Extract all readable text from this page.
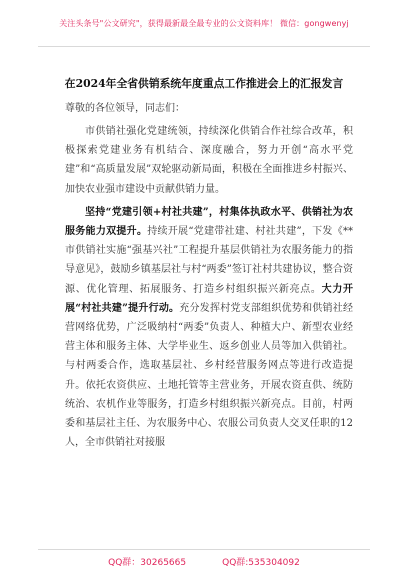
关注头条号"公文研究"，获得最新最全最专业的公文资料库！ 微信：gongwenyj
在2024年全省供销系统年度重点工作推进会上的汇报发言
尊敬的各位领导，同志们：

市供销社强化党建统领，持续深化供销合作社综合改革，积极探索党建业务有机结合、深度融合，努力开创“高水平党建”和“高质量发展”双轮驱动新局面，积极在全面推进乡村振兴、加快农业强市建设中贡献供销力量。

坚持“党建引领+村社共建”，村集体执政水平、供销社为农服务能力双提升。持续开展“党建带社建、村社共建”，下发《**市供销社实施“强基兴社”工程提升基层供销社为农服务能力的指导意见》，鼓励乡镇基层社与村“两委”签订社村共建协议，整合资源、优化管理、拓展服务、打造乡村组织振兴新亮点。大力开展“村社共建”提升行动。充分发挥村党支部组织优势和供销社经营网络优势，广泛吸纳村“两委”负责人、种植大户、新型农业经营主体和服务主体、大学毕业生、返乡创业人员等加入供销社。与村两委合作，选取基层社、乡村经营服务网点等进行改造提升。依托农资供应、土地托管等主营业务，开展农资直供、统防统治、农机作业等服务，打造乡村组织振兴新亮点。目前，村两委和基层社主任、为农服务中心、农服公司负责人交叉任职的12人，全市供销社对接服

QQ群：30265665	QQ群:535304092
